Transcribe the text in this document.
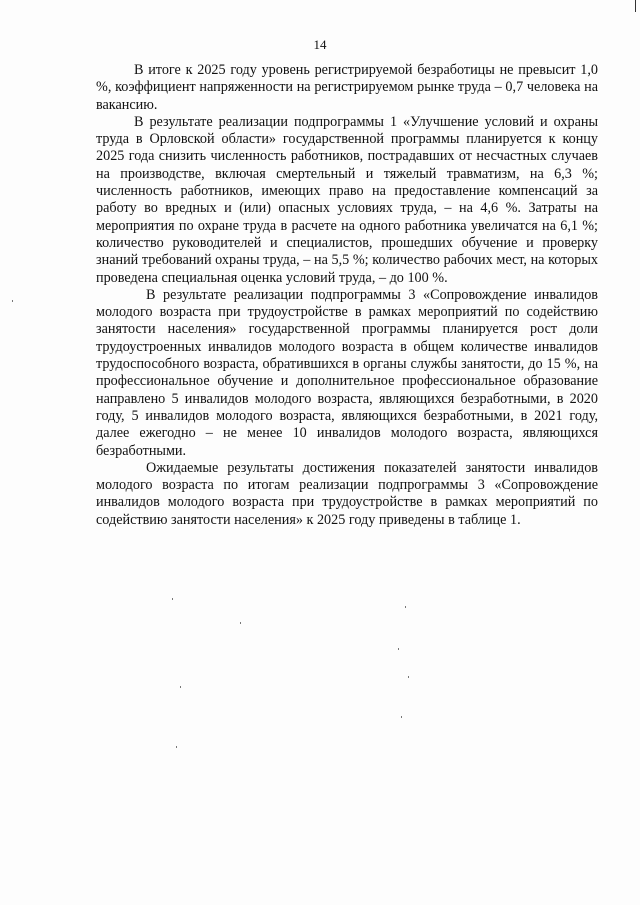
14

В итоге к 2025 году уровень регистрируемой безработицы не превысит 1,0 %, коэффициент напряженности на регистрируемом рынке труда – 0,7 человека на вакансию.

В результате реализации подпрограммы 1 «Улучшение условий и охраны труда в Орловской области» государственной программы планируется к концу 2025 года снизить численность работников, пострадавших от несчастных случаев на производстве, включая смертельный и тяжелый травматизм, на 6,3 %; численность работников, имеющих право на предоставление компенсаций за работу во вредных и (или) опасных условиях труда, – на 4,6 %. Затраты на мероприятия по охране труда в расчете на одного работника увеличатся на 6,1 %; количество руководителей и специалистов, прошедших обучение и проверку знаний требований охраны труда, – на 5,5 %; количество рабочих мест, на которых проведена специальная оценка условий труда, – до 100 %.

В результате реализации подпрограммы 3 «Сопровождение инвалидов молодого возраста при трудоустройстве в рамках мероприятий по содействию занятости населения» государственной программы планируется рост доли трудоустроенных инвалидов молодого возраста в общем количестве инвалидов трудоспособного возраста, обратившихся в органы службы занятости, до 15 %, на профессиональное обучение и дополнительное профессиональное образование направлено 5 инвалидов молодого возраста, являющихся безработными, в 2020 году, 5 инвалидов молодого возраста, являющихся безработными, в 2021 году, далее ежегодно – не менее 10 инвалидов молодого возраста, являющихся безработными.

Ожидаемые результаты достижения показателей занятости инвалидов молодого возраста по итогам реализации подпрограммы 3 «Сопровождение инвалидов молодого возраста при трудоустройстве в рамках мероприятий по содействию занятости населения» к 2025 году приведены в таблице 1.
